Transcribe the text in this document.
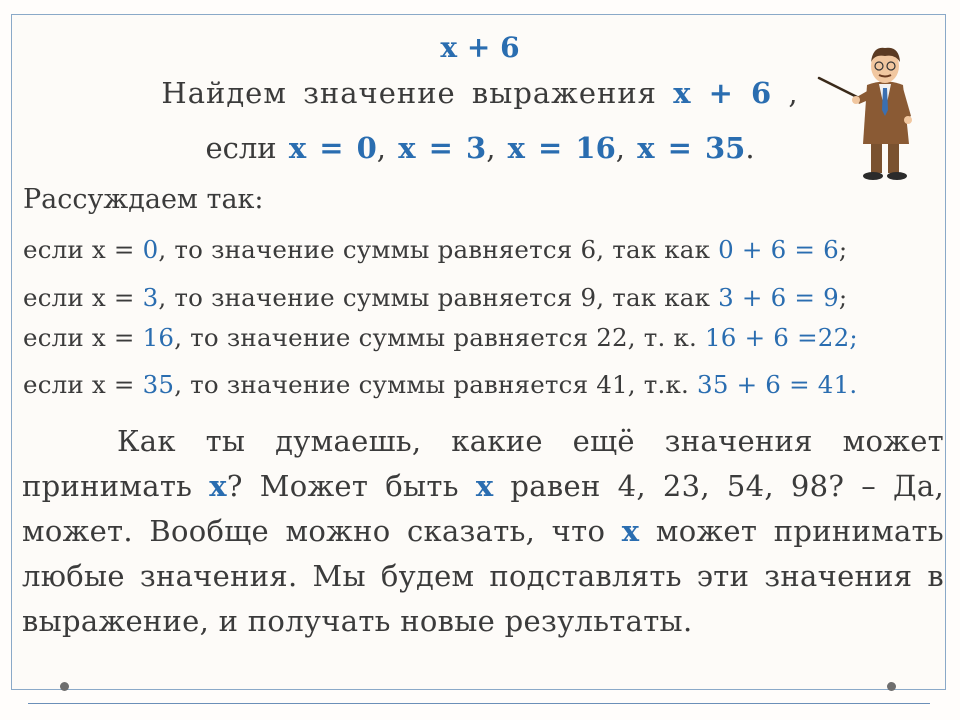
x + 6
Найдем значение выражения x + 6 ,
если x = 0, x = 3, x = 16, x = 35.
Рассуждаем так:
если х = 0, то значение суммы равняется 6, так как 0 + 6 = 6;
если х = 3, то значение суммы равняется 9, так как 3 + 6 = 9;
если х = 16, то значение суммы равняется 22, т. к. 16 + 6 =22;
если х = 35, то значение суммы равняется 41, т.к. 35 + 6 = 41.
Как ты думаешь, какие ещё значения может принимать х? Может быть х равен 4, 23, 54, 98? – Да, может. Вообще можно сказать, что х может принимать любые значения. Мы будем подставлять эти значения в выражение, и получать новые результаты.
